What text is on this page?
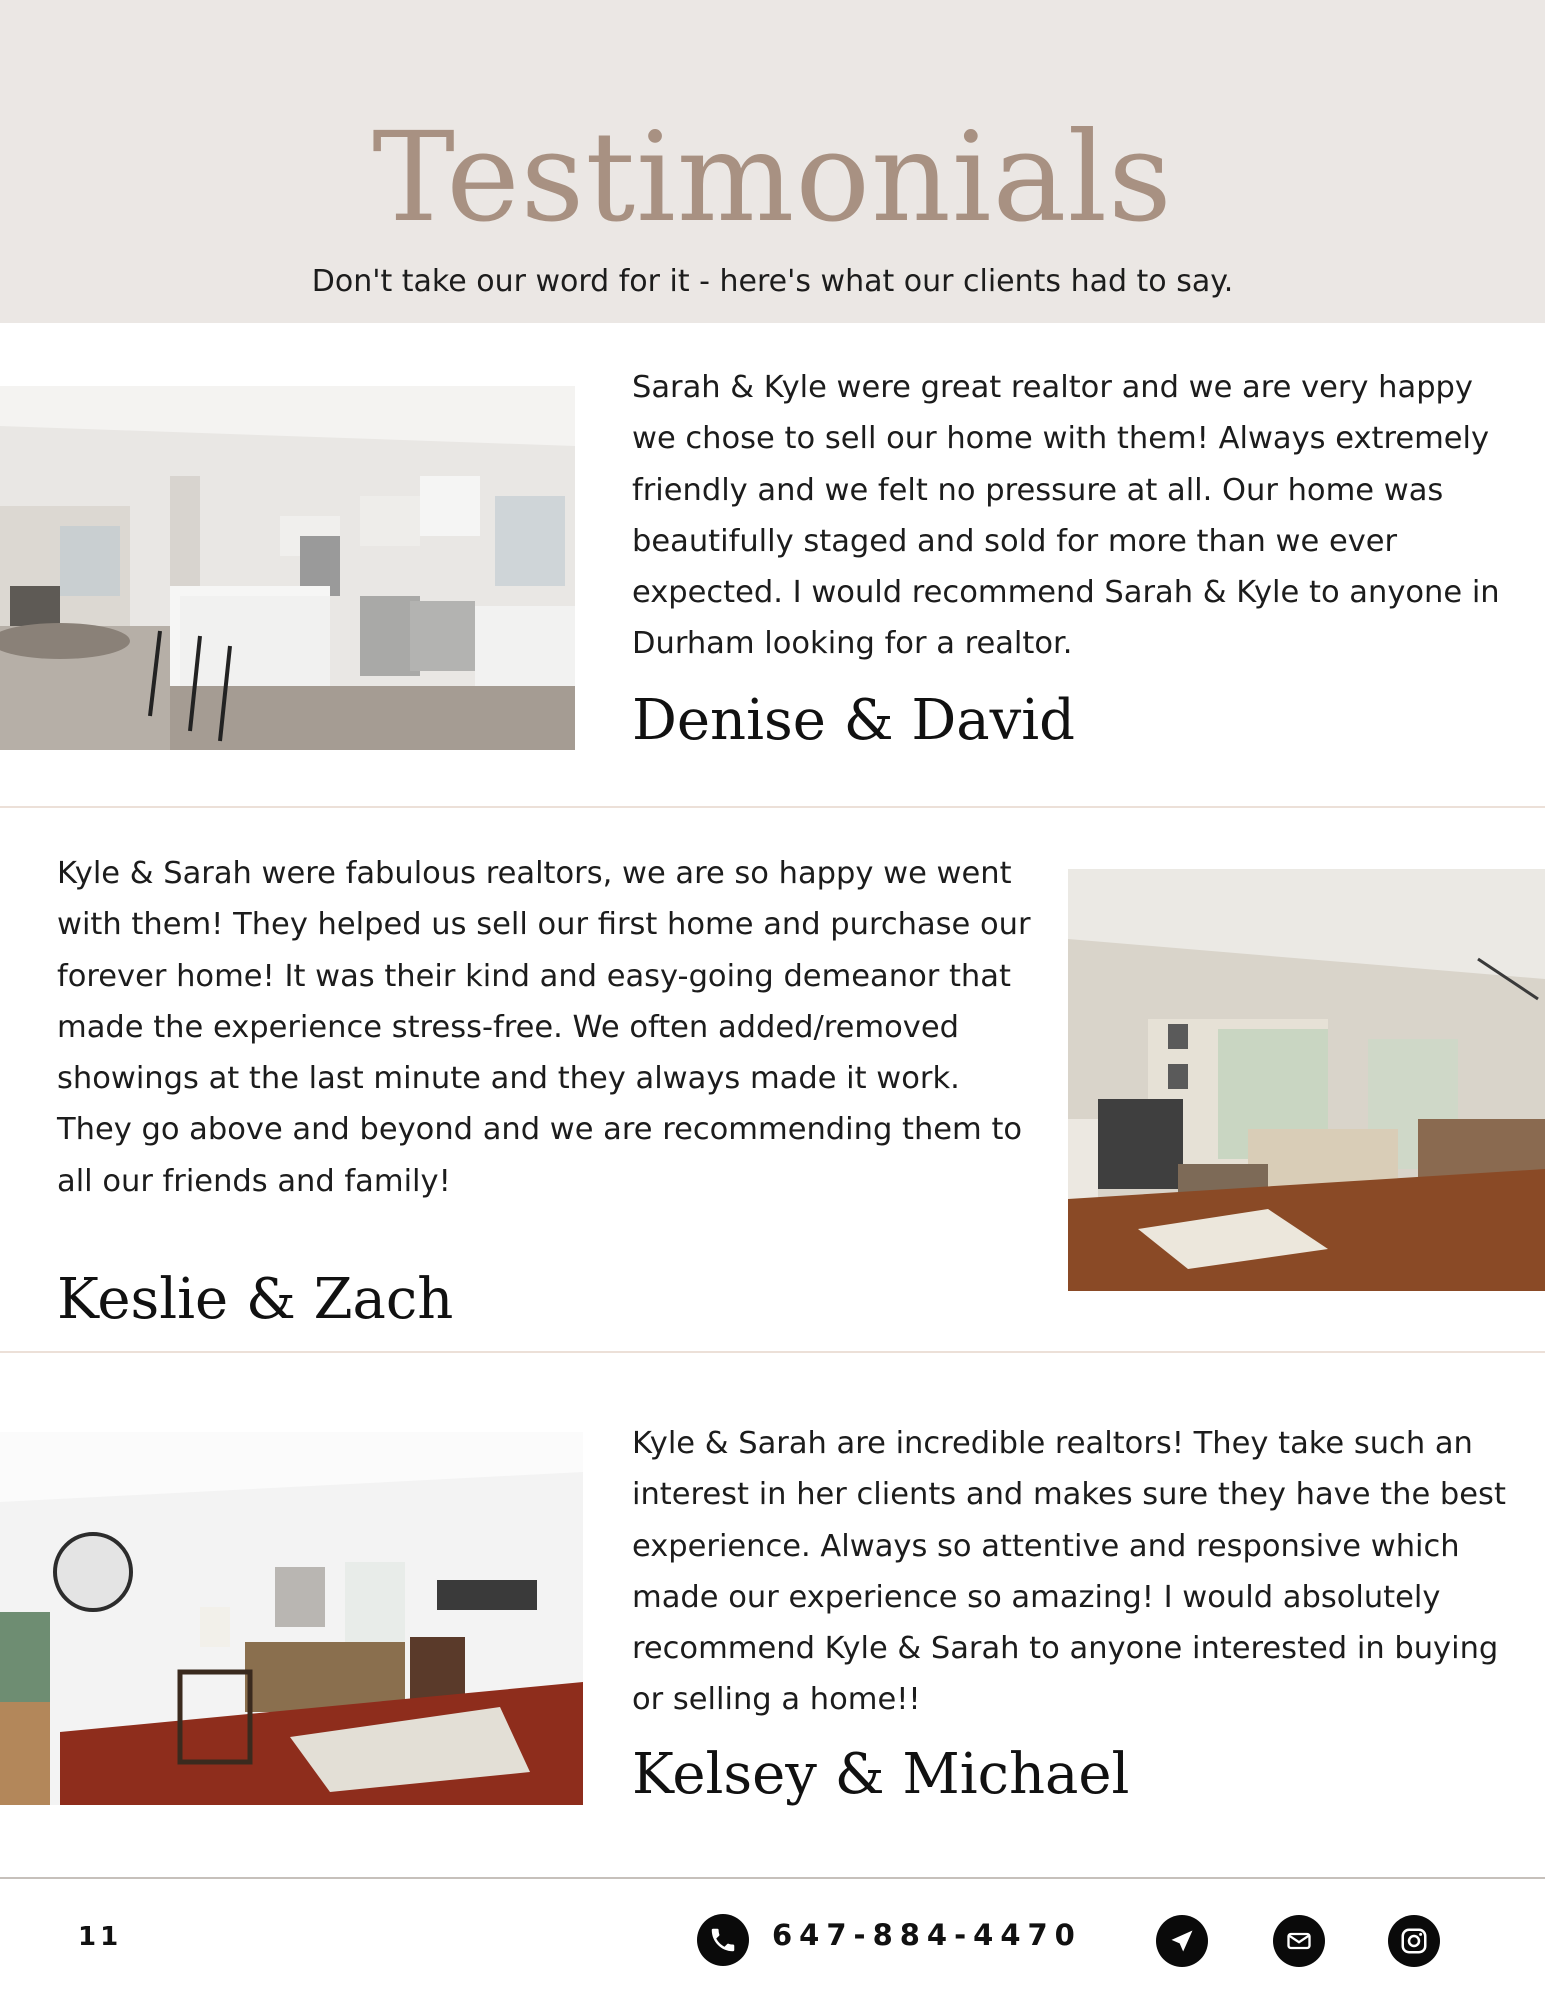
Testimonials
Don't take our word for it - here's what our clients had to say.
Sarah & Kyle were great realtor and we are very happy we chose to sell our home with them! Always extremely friendly and we felt no pressure at all. Our home was beautifully staged and sold for more than we ever expected. I would recommend Sarah & Kyle to anyone in Durham looking for a realtor.
Denise & David
Kyle & Sarah were fabulous realtors, we are so happy we went with them! They helped us sell our first home and purchase our forever home! It was their kind and easy-going demeanor that made the experience stress-free. We often added/removed showings at the last minute and they always made it work. They go above and beyond and we are recommending them to all our friends and family!
Keslie & Zach
Kyle & Sarah are incredible realtors! They take such an interest in her clients and makes sure they have the best experience. Always so attentive and responsive which made our experience so amazing! I would absolutely recommend Kyle & Sarah to anyone interested in buying or selling a home!!
Kelsey & Michael
11	647-884-4470
